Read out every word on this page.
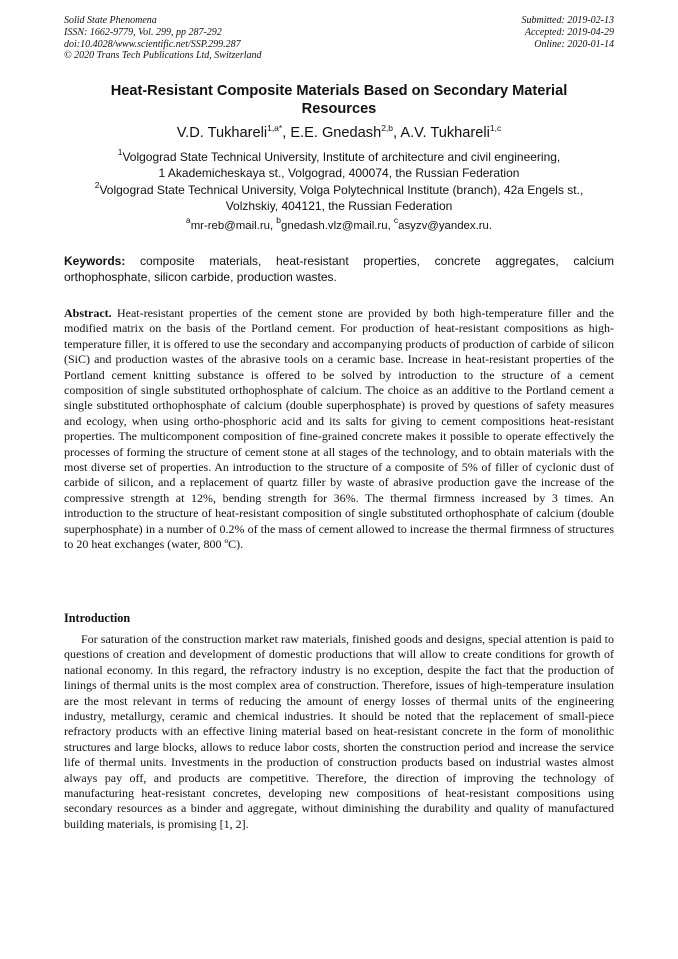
Solid State Phenomena
ISSN: 1662-9779, Vol. 299, pp 287-292
doi:10.4028/www.scientific.net/SSP.299.287
© 2020 Trans Tech Publications Ltd, Switzerland
Submitted: 2019-02-13
Accepted: 2019-04-29
Online: 2020-01-14
Heat-Resistant Composite Materials Based on Secondary Material
Resources
V.D. Tukhareli$^{1,a*}$, E.E. Gnedash$^{2,b}$, A.V. Tukhareli$^{1,c}$
$^1$Volgograd State Technical University, Institute of architecture and civil engineering,
1 Akademicheskaya st., Volgograd, 400074, the Russian Federation
$^2$Volgograd State Technical University, Volga Polytechnical Institute (branch), 42a Engels st.,
Volzhskiy, 404121, the Russian Federation
$^a$mr-reb@mail.ru, $^b$gnedash.vlz@mail.ru, $^c$asyzv@yandex.ru.

Keywords: composite materials, heat-resistant properties, concrete aggregates, calcium orthophosphate, silicon carbide, production wastes.

Abstract. Heat-resistant properties of the cement stone are provided by both high-temperature filler and the modified matrix on the basis of the Portland cement. For production of heat-resistant compositions as high-temperature filler, it is offered to use the secondary and accompanying products of production of carbide of silicon (SiC) and production wastes of the abrasive tools on a ceramic base. Increase in heat-resistant properties of the Portland cement knitting substance is offered to be solved by introduction to the structure of a cement composition of single substituted orthophosphate of calcium. The choice as an additive to the Portland cement a single substituted orthophosphate of calcium (double superphosphate) is proved by questions of safety measures and ecology, when using ortho-phosphoric acid and its salts for giving to cement compositions heat-resistant properties. The multicomponent composition of fine-grained concrete makes it possible to operate effectively the processes of forming the structure of cement stone at all stages of the technology, and to obtain materials with the most diverse set of properties. An introduction to the structure of a composite of 5% of filler of cyclonic dust of carbide of silicon, and a replacement of quartz filler by waste of abrasive production gave the increase of the compressive strength at 12%, bending strength for 36%. The thermal firmness increased by 3 times. An introduction to the structure of heat-resistant composition of single substituted orthophosphate of calcium (double superphosphate) in a number of 0.2% of the mass of cement allowed to increase the thermal firmness of structures to 20 heat exchanges (water, 800 ºC).

Introduction

For saturation of the construction market raw materials, finished goods and designs, special attention is paid to questions of creation and development of domestic productions that will allow to create conditions for growth of national economy. In this regard, the refractory industry is no exception, despite the fact that the production of linings of thermal units is the most complex area of construction. Therefore, issues of high-temperature insulation are the most relevant in terms of reducing the amount of energy losses of thermal units of the engineering industry, metallurgy, ceramic and chemical industries. It should be noted that the replacement of small-piece refractory products with an effective lining material based on heat-resistant concrete in the form of monolithic structures and large blocks, allows to reduce labor costs, shorten the construction period and increase the service life of thermal units. Investments in the production of construction products based on industrial wastes almost always pay off, and products are competitive. Therefore, the direction of improving the technology of manufacturing heat-resistant concretes, developing new compositions of heat-resistant compositions using secondary resources as a binder and aggregate, without diminishing the durability and quality of manufactured building materials, is promising [1, 2].
